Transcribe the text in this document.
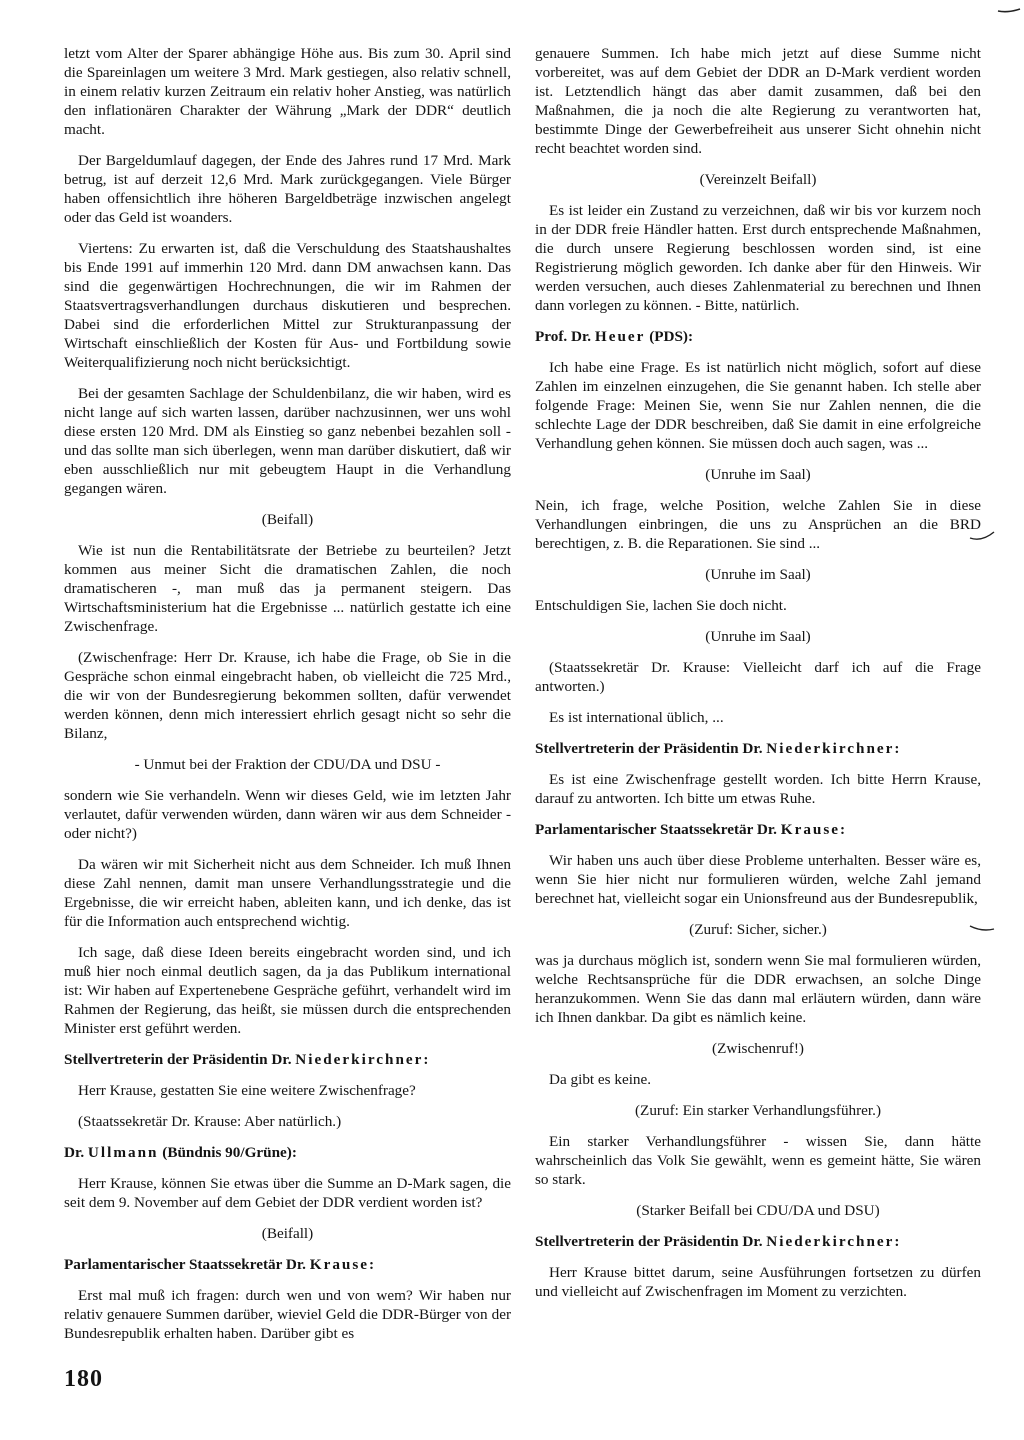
letzt vom Alter der Sparer abhängige Höhe aus. Bis zum 30. April sind die Spareinlagen um weitere 3 Mrd. Mark gestiegen, also relativ schnell, in einem relativ kurzen Zeitraum ein relativ hoher Anstieg, was natürlich den inflationären Charakter der Währung „Mark der DDR“ deutlich macht.

Der Bargeldumlauf dagegen, der Ende des Jahres rund 17 Mrd. Mark betrug, ist auf derzeit 12,6 Mrd. Mark zurückgegangen. Viele Bürger haben offensichtlich ihre höheren Bargeldbeträge inzwischen angelegt oder das Geld ist woanders.

Viertens: Zu erwarten ist, daß die Verschuldung des Staatshaushaltes bis Ende 1991 auf immerhin 120 Mrd. dann DM anwachsen kann. Das sind die gegenwärtigen Hochrechnungen, die wir im Rahmen der Staatsvertragsverhandlungen durchaus diskutieren und besprechen. Dabei sind die erforderlichen Mittel zur Strukturanpassung der Wirtschaft einschließlich der Kosten für Aus- und Fortbildung sowie Weiterqualifizierung noch nicht berücksichtigt.

Bei der gesamten Sachlage der Schuldenbilanz, die wir haben, wird es nicht lange auf sich warten lassen, darüber nachzusinnen, wer uns wohl diese ersten 120 Mrd. DM als Einstieg so ganz nebenbei bezahlen soll - und das sollte man sich überlegen, wenn man darüber diskutiert, daß wir eben ausschließlich nur mit gebeugtem Haupt in die Verhandlung gegangen wären.

(Beifall)

Wie ist nun die Rentabilitätsrate der Betriebe zu beurteilen? Jetzt kommen aus meiner Sicht die dramatischen Zahlen, die noch dramatischeren -, man muß das ja permanent steigern. Das Wirtschaftsministerium hat die Ergebnisse ... natürlich gestatte ich eine Zwischenfrage.

(Zwischenfrage: Herr Dr. Krause, ich habe die Frage, ob Sie in die Gespräche schon einmal eingebracht haben, ob vielleicht die 725 Mrd., die wir von der Bundesregierung bekommen sollten, dafür verwendet werden können, denn mich interessiert ehrlich gesagt nicht so sehr die Bilanz,

- Unmut bei der Fraktion der CDU/DA und DSU -

sondern wie Sie verhandeln. Wenn wir dieses Geld, wie im letzten Jahr verlautet, dafür verwenden würden, dann wären wir aus dem Schneider - oder nicht?)

Da wären wir mit Sicherheit nicht aus dem Schneider. Ich muß Ihnen diese Zahl nennen, damit man unsere Verhandlungsstrategie und die Ergebnisse, die wir erreicht haben, ableiten kann, und ich denke, das ist für die Information auch entsprechend wichtig.

Ich sage, daß diese Ideen bereits eingebracht worden sind, und ich muß hier noch einmal deutlich sagen, da ja das Publikum international ist: Wir haben auf Expertenebene Gespräche geführt, verhandelt wird im Rahmen der Regierung, das heißt, sie müssen durch die entsprechenden Minister erst geführt werden.

Stellvertreterin der Präsidentin Dr. Niederkirchner:

Herr Krause, gestatten Sie eine weitere Zwischenfrage?

(Staatssekretär Dr. Krause: Aber natürlich.)

Dr. Ullmann (Bündnis 90/Grüne):

Herr Krause, können Sie etwas über die Summe an D-Mark sagen, die seit dem 9. November auf dem Gebiet der DDR verdient worden ist?

(Beifall)

Parlamentarischer Staatssekretär Dr. Krause:

Erst mal muß ich fragen: durch wen und von wem? Wir haben nur relativ genauere Summen darüber, wieviel Geld die DDR-Bürger von der Bundesrepublik erhalten haben. Darüber gibt es

genauere Summen. Ich habe mich jetzt auf diese Summe nicht vorbereitet, was auf dem Gebiet der DDR an D-Mark verdient worden ist. Letztendlich hängt das aber damit zusammen, daß bei den Maßnahmen, die ja noch die alte Regierung zu verantworten hat, bestimmte Dinge der Gewerbefreiheit aus unserer Sicht ohnehin nicht recht beachtet worden sind.

(Vereinzelt Beifall)

Es ist leider ein Zustand zu verzeichnen, daß wir bis vor kurzem noch in der DDR freie Händler hatten. Erst durch entsprechende Maßnahmen, die durch unsere Regierung beschlossen worden sind, ist eine Registrierung möglich geworden. Ich danke aber für den Hinweis. Wir werden versuchen, auch dieses Zahlenmaterial zu berechnen und Ihnen dann vorlegen zu können. - Bitte, natürlich.

Prof. Dr. Heuer (PDS):

Ich habe eine Frage. Es ist natürlich nicht möglich, sofort auf diese Zahlen im einzelnen einzugehen, die Sie genannt haben. Ich stelle aber folgende Frage: Meinen Sie, wenn Sie nur Zahlen nennen, die die schlechte Lage der DDR beschreiben, daß Sie damit in eine erfolgreiche Verhandlung gehen können. Sie müssen doch auch sagen, was ...

(Unruhe im Saal)

Nein, ich frage, welche Position, welche Zahlen Sie in diese Verhandlungen einbringen, die uns zu Ansprüchen an die BRD berechtigen, z. B. die Reparationen. Sie sind ...

(Unruhe im Saal)

Entschuldigen Sie, lachen Sie doch nicht.

(Unruhe im Saal)

(Staatssekretär Dr. Krause: Vielleicht darf ich auf die Frage antworten.)

Es ist international üblich, ...

Stellvertreterin der Präsidentin Dr. Niederkirchner:

Es ist eine Zwischenfrage gestellt worden. Ich bitte Herrn Krause, darauf zu antworten. Ich bitte um etwas Ruhe.

Parlamentarischer Staatssekretär Dr. Krause:

Wir haben uns auch über diese Probleme unterhalten. Besser wäre es, wenn Sie hier nicht nur formulieren würden, welche Zahl jemand berechnet hat, vielleicht sogar ein Unionsfreund aus der Bundesrepublik,

(Zuruf: Sicher, sicher.)

was ja durchaus möglich ist, sondern wenn Sie mal formulieren würden, welche Rechtsansprüche für die DDR erwachsen, an solche Dinge heranzukommen. Wenn Sie das dann mal erläutern würden, dann wäre ich Ihnen dankbar. Da gibt es nämlich keine.

(Zwischenruf!)

Da gibt es keine.

(Zuruf: Ein starker Verhandlungsführer.)

Ein starker Verhandlungsführer - wissen Sie, dann hätte wahrscheinlich das Volk Sie gewählt, wenn es gemeint hätte, Sie wären so stark.

(Starker Beifall bei CDU/DA und DSU)

Stellvertreterin der Präsidentin Dr. Niederkirchner:

Herr Krause bittet darum, seine Ausführungen fortsetzen zu dürfen und vielleicht auf Zwischenfragen im Moment zu verzichten.

180
